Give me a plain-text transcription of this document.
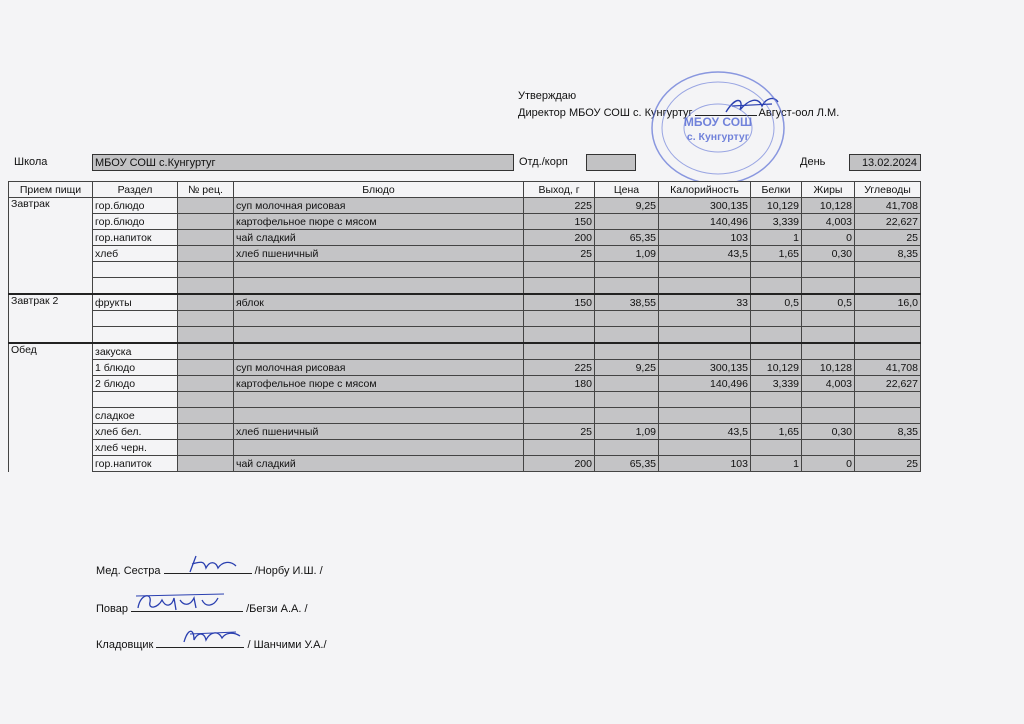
Утверждаю
Директор МБОУ СОШ с. Кунгуртуг	Август-оол Л.М.
МБОУ СОШ
с. Кунгуртуг
Школа	МБОУ СОШ с.Кунгуртуг	Отд./корп	День	13.02.2024
Прием пищи	Раздел	№ рец.	Блюдо	Выход, г	Цена	Калорийность	Белки	Жиры	Углеводы
Завтрак	гор.блюдо		суп молочная рисовая	225	9,25	300,135	10,129	10,128	41,708
	гор.блюдо		картофельное пюре с мясом	150		140,496	3,339	4,003	22,627
	гор.напиток		чай сладкий	200	65,35	103	1	0	25
	хлеб		хлеб пшеничный	25	1,09	43,5	1,65	0,30	8,35

Завтрак 2	фрукты		яблок	150	38,55	33	0,5	0,5	16,0

Обед	закуска								
	1 блюдо		суп молочная рисовая	225	9,25	300,135	10,129	10,128	41,708
	2 блюдо		картофельное пюре с мясом	180		140,496	3,339	4,003	22,627

	сладкое								
	хлеб бел.		хлеб пшеничный	25	1,09	43,5	1,65	0,30	8,35
	хлеб черн.								
	гор.напиток		чай сладкий	200	65,35	103	1	0	25
Мед. Сестра	/Норбу И.Ш. /
Повар	/Бегзи А.А. /
Кладовщик	/ Шанчими У.А./
